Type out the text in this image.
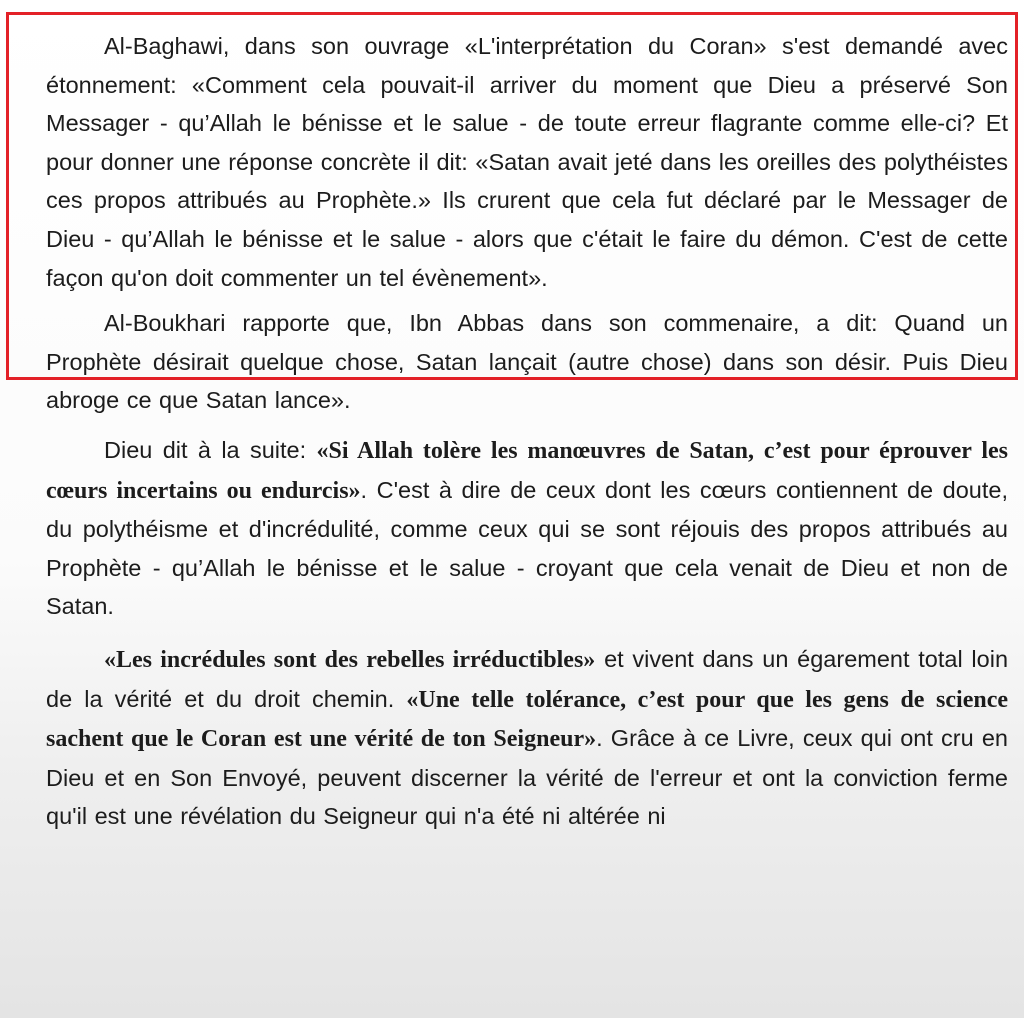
Al-Baghawi, dans son ouvrage «L'interprétation du Coran» s'est demandé avec étonnement: «Comment cela pouvait-il arriver du moment que Dieu a préservé Son Messager - qu’Allah le bénisse et le salue - de toute erreur flagrante comme elle-ci? Et pour donner une réponse concrète il dit: «Satan avait jeté dans les oreilles des polythéistes ces propos attribués au Prophète.» Ils crurent que cela fut déclaré par le Messager de Dieu - qu’Allah le bénisse et le salue - alors que c'était le faire du démon. C'est de cette façon qu'on doit commenter un tel évènement».

Al-Boukhari rapporte que, Ibn Abbas dans son commenaire, a dit: Quand un Prophète désirait quelque chose, Satan lançait (autre chose) dans son désir. Puis Dieu abroge ce que Satan lance».

Dieu dit à la suite: «Si Allah tolère les manœuvres de Satan, c’est pour éprouver les cœurs incertains ou endurcis». C'est à dire de ceux dont les cœurs contiennent de doute, du polythéisme et d'incrédulité, comme ceux qui se sont réjouis des propos attribués au Prophète - qu’Allah le bénisse et le salue - croyant que cela venait de Dieu et non de Satan.

«Les incrédules sont des rebelles irréductibles» et vivent dans un égarement total loin de la vérité et du droit chemin. «Une telle tolérance, c’est pour que les gens de science sachent que le Coran est une vérité de ton Seigneur». Grâce à ce Livre, ceux qui ont cru en Dieu et en Son Envoyé, peuvent discerner la vérité de l'erreur et ont la conviction ferme qu'il est une révélation du Seigneur qui n'a été ni altérée ni
